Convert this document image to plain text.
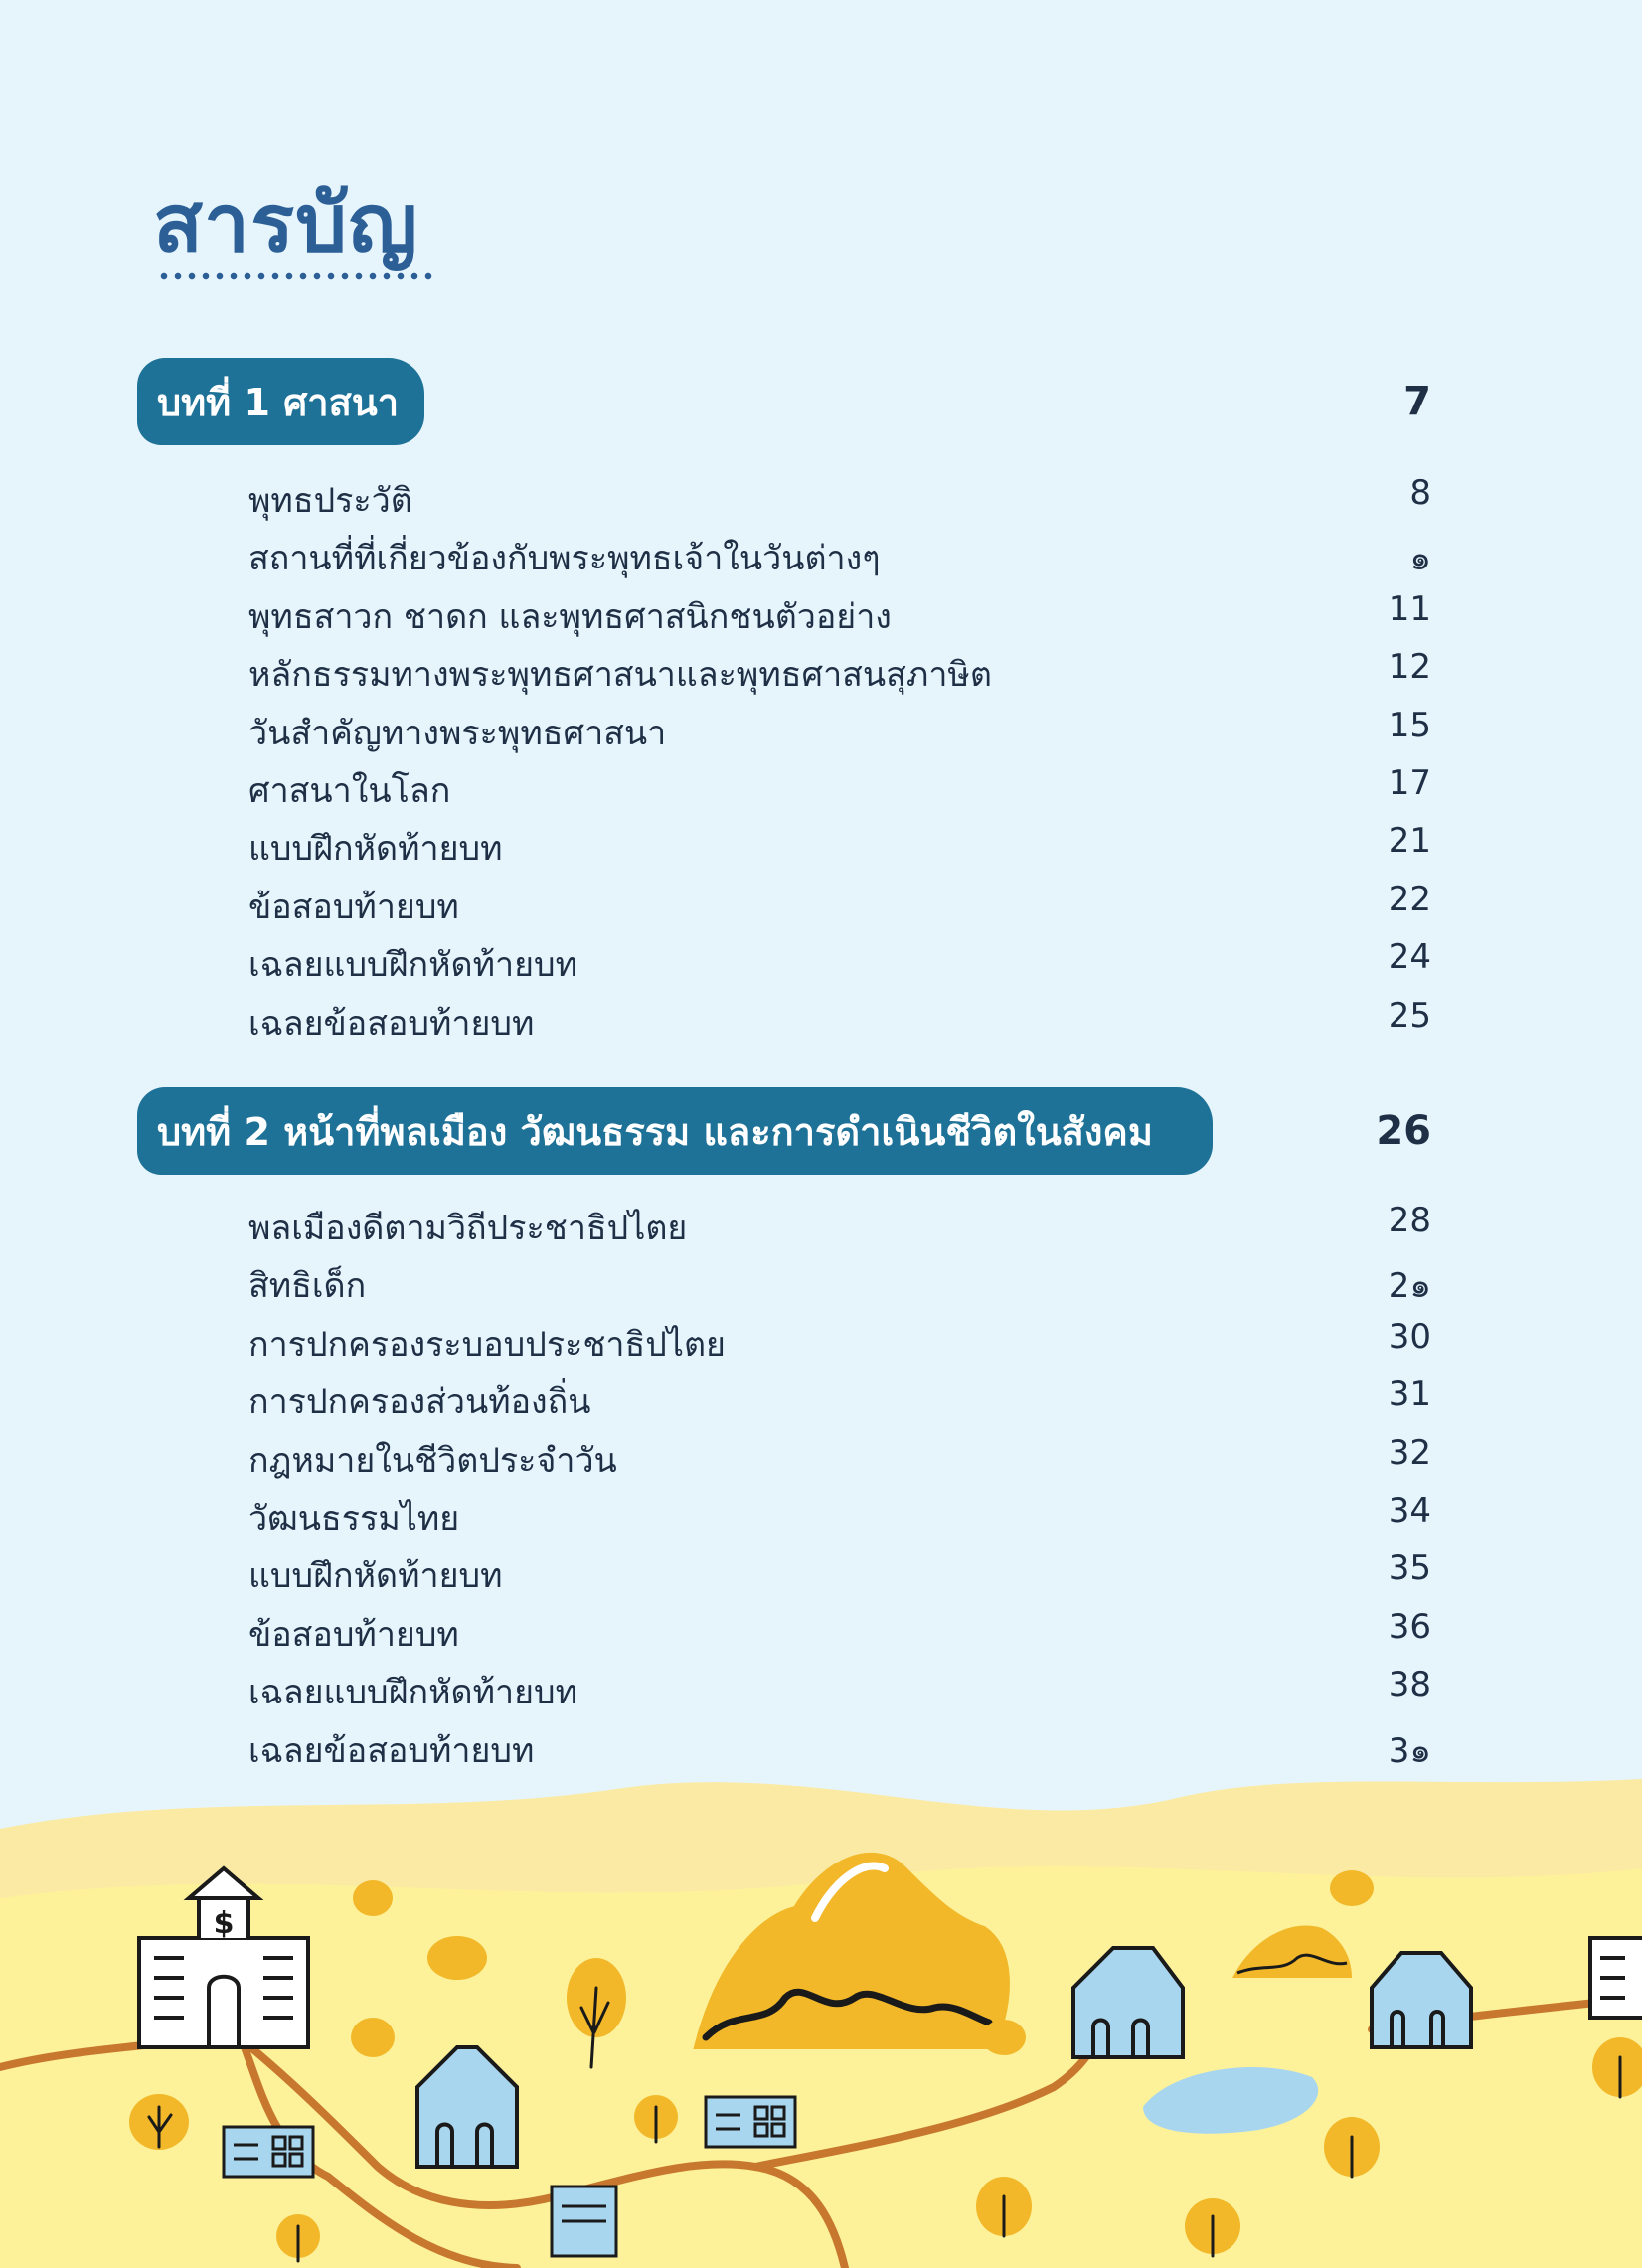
สารบัญ
บทที่ 1 ศาสนา	7
พุทธประวัติ	8
สถานที่ที่เกี่ยวข้องกับพระพุทธเจ้าในวันต่างๆ	๑
พุทธสาวก ชาดก และพุทธศาสนิกชนตัวอย่าง	11
หลักธรรมทางพระพุทธศาสนาและพุทธศาสนสุภาษิต	12
วันสำคัญทางพระพุทธศาสนา	15
ศาสนาในโลก	17
แบบฝึกหัดท้ายบท	21
ข้อสอบท้ายบท	22
เฉลยแบบฝึกหัดท้ายบท	24
เฉลยข้อสอบท้ายบท	25
บทที่ 2 หน้าที่พลเมือง วัฒนธรรม และการดำเนินชีวิตในสังคม	26
พลเมืองดีตามวิถีประชาธิปไตย	28
สิทธิเด็ก	2๑
การปกครองระบอบประชาธิปไตย	30
การปกครองส่วนท้องถิ่น	31
กฎหมายในชีวิตประจำวัน	32
วัฒนธรรมไทย	34
แบบฝึกหัดท้ายบท	35
ข้อสอบท้ายบท	36
เฉลยแบบฝึกหัดท้ายบท	38
เฉลยข้อสอบท้ายบท	3๑
$
